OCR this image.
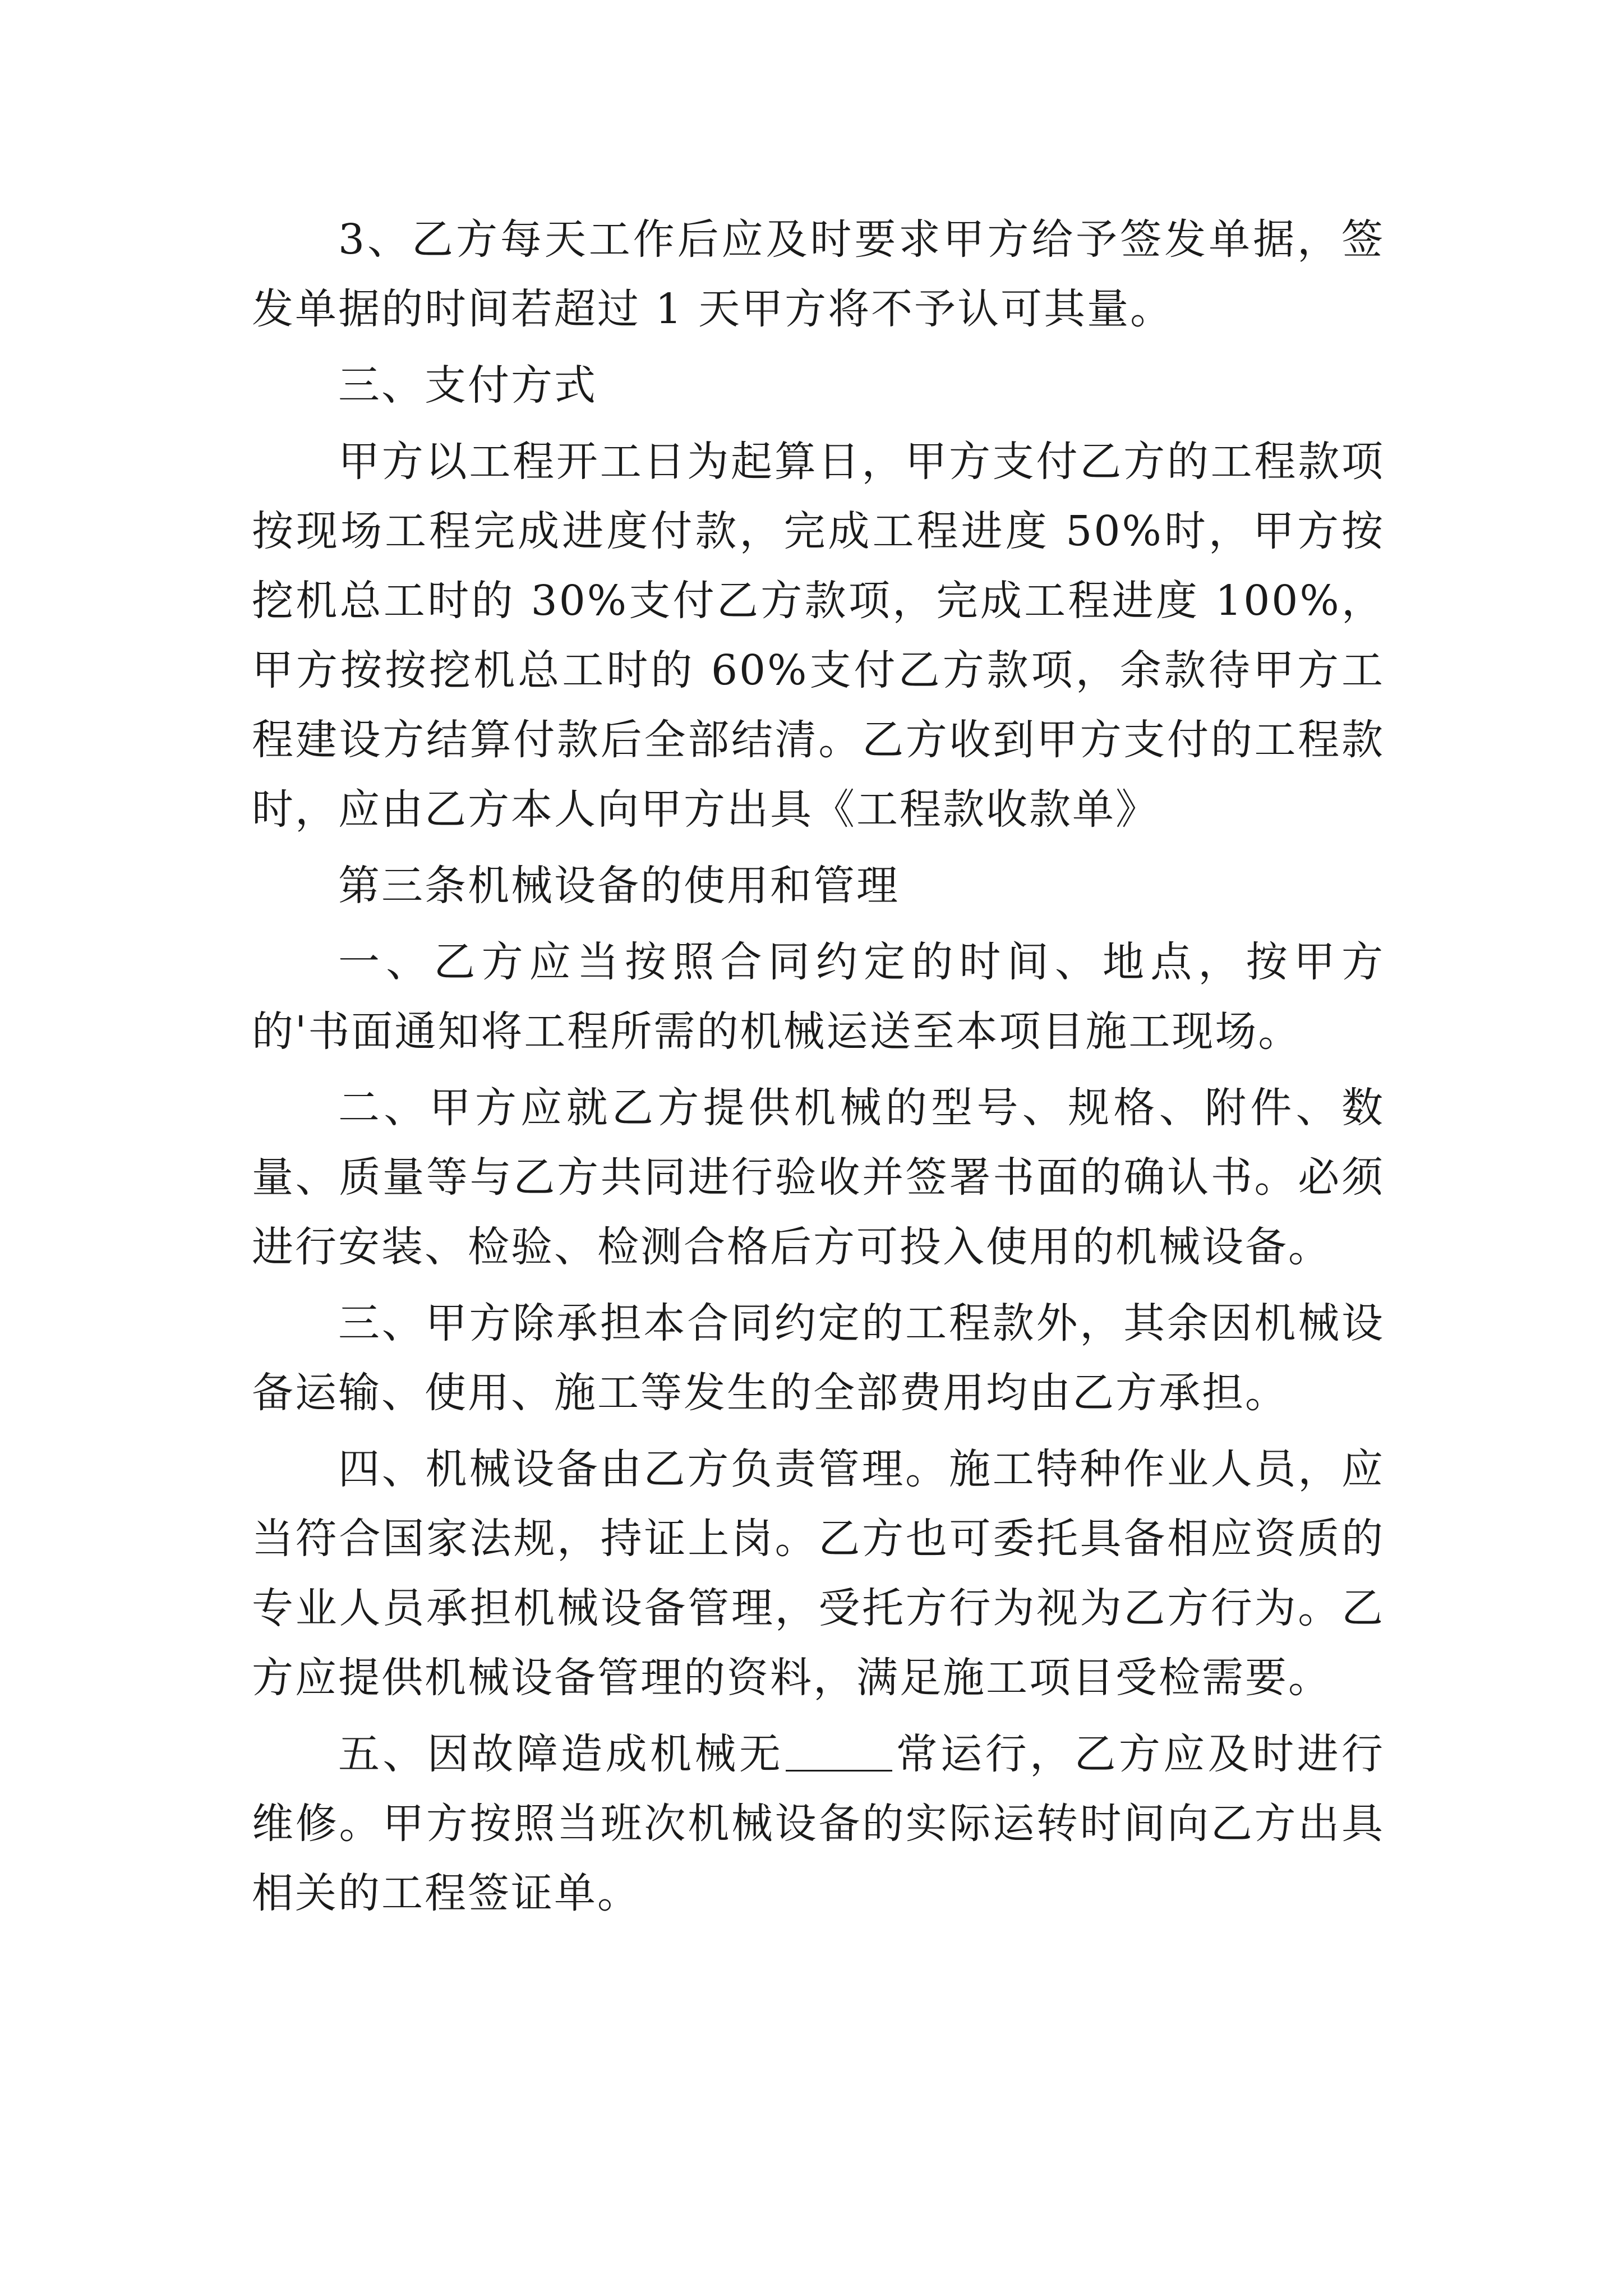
3、乙方每天工作后应及时要求甲方给予签发单据，签发单据的时间若超过 1 天甲方将不予认可其量。

三、支付方式

甲方以工程开工日为起算日，甲方支付乙方的工程款项按现场工程完成进度付款，完成工程进度 50%时，甲方按挖机总工时的 30%支付乙方款项，完成工程进度 100%，甲方按按挖机总工时的 60%支付乙方款项，余款待甲方工程建设方结算付款后全部结清。乙方收到甲方支付的工程款时，应由乙方本人向甲方出具《工程款收款单》

第三条机械设备的使用和管理

一、乙方应当按照合同约定的时间、地点，按甲方的'书面通知将工程所需的机械运送至本项目施工现场。

二、甲方应就乙方提供机械的型号、规格、附件、数量、质量等与乙方共同进行验收并签署书面的确认书。必须进行安装、检验、检测合格后方可投入使用的机械设备。

三、甲方除承担本合同约定的工程款外，其余因机械设备运输、使用、施工等发生的全部费用均由乙方承担。

四、机械设备由乙方负责管理。施工特种作业人员，应当符合国家法规，持证上岗。乙方也可委托具备相应资质的专业人员承担机械设备管理，受托方行为视为乙方行为。乙方应提供机械设备管理的资料，满足施工项目受检需要。

五、因故障造成机械无	常运行，乙方应及时进行维修。甲方按照当班次机械设备的实际运转时间向乙方出具相关的工程签证单。
